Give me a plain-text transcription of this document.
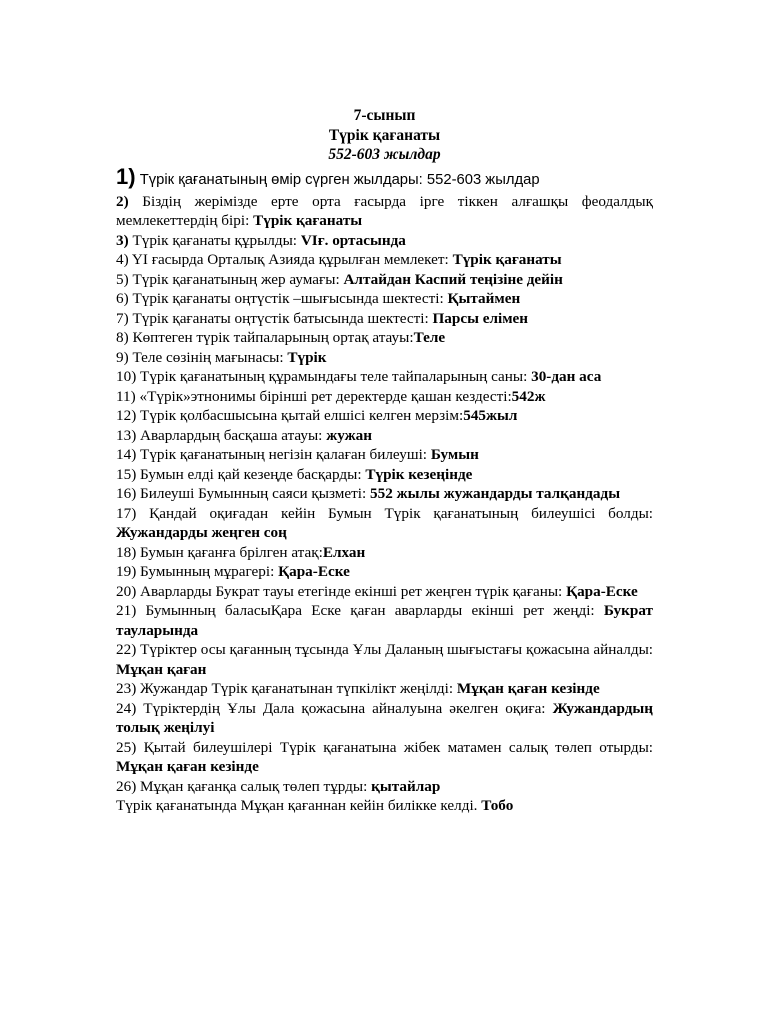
7-сынып
Түрік қағанаты
552-603 жылдар
1) Түрік қағанатының өмір сүрген жылдары: 552-603 жылдар
2) Біздің жерімізде ерте орта ғасырда ірге тіккен алғашқы феодалдық мемлекеттердің бірі: Түрік қағанаты
3) Түрік қағанаты құрылды: VIғ. ортасында
4) YI ғасырда Орталық Азияда құрылған мемлекет: Түрік қағанаты
5) Түрік қағанатының жер аумағы: Алтайдан Каспий теңізіне дейін
6) Түрік қағанаты оңтүстік –шығысында шектесті: Қытаймен
7) Түрік қағанаты оңтүстік батысында шектесті: Парсы елімен
8) Көптеген түрік тайпаларының ортақ атауы:Теле
9) Теле сөзінің мағынасы: Түрік
10) Түрік қағанатының құрамындағы теле тайпаларының саны: 30-дан аса
11) «Түрік»этнонимы бірінші рет деректерде қашан кездесті:542ж
12) Түрік қолбасшысына қытай елшісі келген мерзім:545жыл
13) Аварлардың басқаша атауы: жужан
14) Түрік қағанатының негізін қалаған билеуші: Бумын
15) Бумын елді қай кезеңде басқарды: Түрік кезеңінде
16) Билеуші Бумынның саяси қызметі: 552 жылы жужандарды талқандады
17) Қандай оқиғадан кейін Бумын Түрік қағанатының билеушісі болды: Жужандарды жеңген соң
18) Бумын қағанға брілген атақ:Елхан
19) Бумынның мұрагері: Қара-Еске
20) Аварларды Букрат тауы етегінде екінші рет жеңген түрік қағаны: Қара-Еске
21) Бумынның баласыҚара Еске қаған аварларды екінші рет жеңді: Букрат тауларында
22) Түріктер осы қағанның тұсында Ұлы Даланың шығыстағы қожасына айналды: Мұқан қаған
23) Жужандар Түрік қағанатынан түпкілікт жеңілді: Мұқан қаған кезінде
24) Түріктердің Ұлы Дала қожасына айналуына әкелген оқиға: Жужандардың толық жеңілуі
25) Қытай билеушілері Түрік қағанатына жібек матамен салық төлеп отырды: Мұқан қаған кезінде
26) Мұқан қағанқа салық төлеп тұрды: қытайлар
Түрік қағанатында Мұқан қағаннан кейін билікке келді. Тобо
